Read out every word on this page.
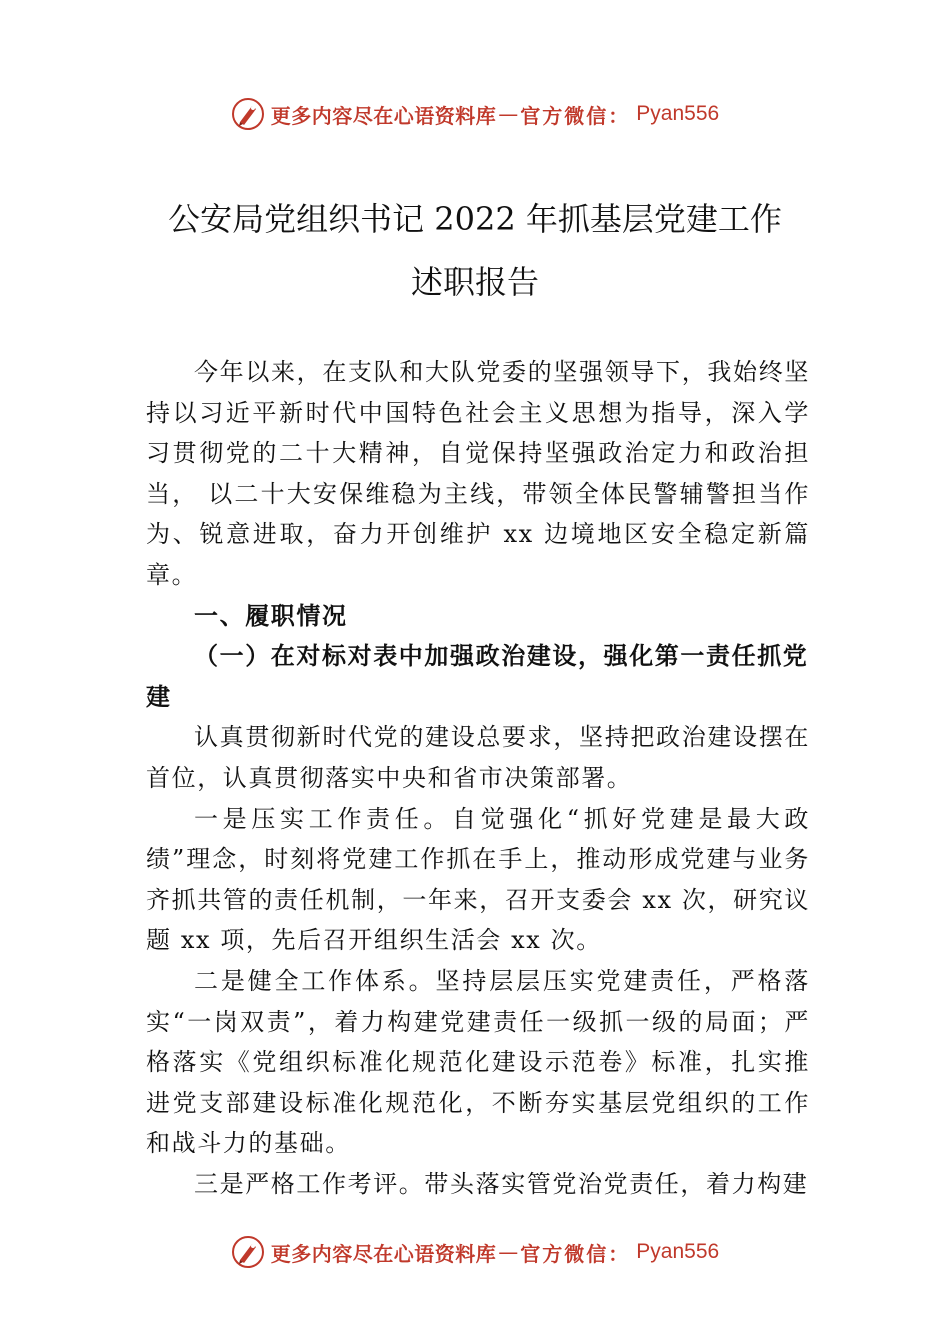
更多内容尽在心语资料库 — 官方微信： Pyan556
公安局党组织书记 2022 年抓基层党建工作
述职报告

今年以来，在支队和大队党委的坚强领导下，我始终坚持以习近平新时代中国特色社会主义思想为指导，深入学习贯彻党的二十大精神，自觉保持坚强政治定力和政治担当， 以二十大安保维稳为主线，带领全体民警辅警担当作为、锐意进取，奋力开创维护 xx 边境地区安全稳定新篇章。

一、履职情况

（一）在对标对表中加强政治建设，强化第一责任抓党建

认真贯彻新时代党的建设总要求，坚持把政治建设摆在首位，认真贯彻落实中央和省市决策部署。

一是压实工作责任。自觉强化“抓好党建是最大政绩”理念，时刻将党建工作抓在手上，推动形成党建与业务齐抓共管的责任机制，一年来，召开支委会 xx 次，研究议题 xx 项，先后召开组织生活会 xx 次。

二是健全工作体系。坚持层层压实党建责任，严格落实“一岗双责”，着力构建党建责任一级抓一级的局面；严格落实《党组织标准化规范化建设示范卷》标准，扎实推进党支部建设标准化规范化，不断夯实基层党组织的工作和战斗力的基础。

三是严格工作考评。带头落实管党治党责任，着力构建

更多内容尽在心语资料库 — 官方微信： Pyan556
